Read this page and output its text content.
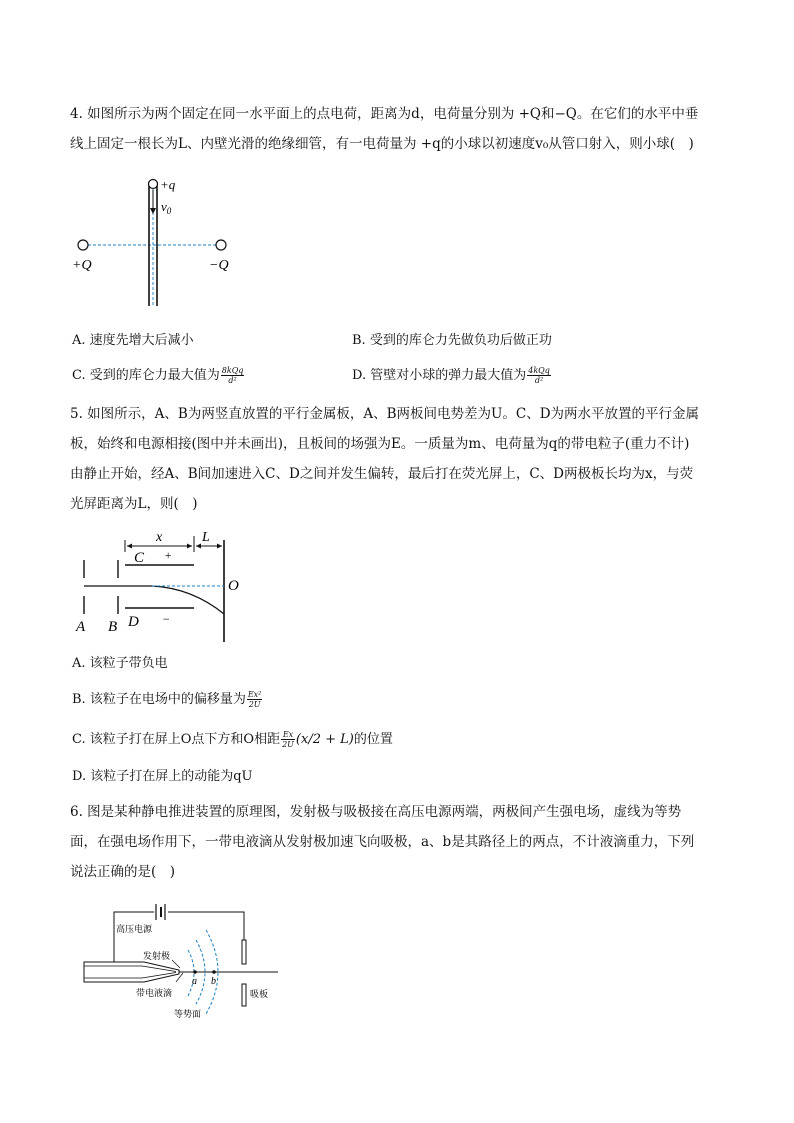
4. 如图所示为两个固定在同一水平面上的点电荷，距离为d，电荷量分别为 +Q和−Q。在它们的水平中垂
线上固定一根长为L、内壁光滑的绝缘细管，有一电荷量为 +q的小球以初速度v₀从管口射入，则小球(　)
+q
$v_0$
+Q	−Q
A. 速度先增大后减小	B. 受到的库仑力先做负功后做正功
C. 受到的库仑力最大值为 $\frac{\text{8kQq}}{\text{d²}}$	D. 管壁对小球的弹力最大值为 $\frac{\text{4kQq}}{\text{d²}}$
5. 如图所示，A、B为两竖直放置的平行金属板，A、B两板间电势差为U。C、D为两水平放置的平行金属
板，始终和电源相接(图中并未画出)，且板间的场强为E。一质量为m、电荷量为q的带电粒子(重力不计)
由静止开始，经A、B间加速进入C、D之间并发生偏转，最后打在荧光屏上，C、D两极板长均为x，与荧
光屏距离为L，则(　)
x	L
C +
D −
O
A B
A. 该粒子带负电
B. 该粒子在电场中的偏移量为 $\frac{\text{Ex²}}{2U}$
C. 该粒子打在屏上O点下方和O相距 $\frac{Ex}{2U} (x/2 + L)$的位置
D. 该粒子打在屏上的动能为qU
6. 图是某种静电推进装置的原理图，发射极与吸极接在高压电源两端，两极间产生强电场，虚线为等势
面，在强电场作用下，一带电液滴从发射极加速飞向吸极，a、b是其路径上的两点，不计液滴重力，下列
说法正确的是(　)
高压电源
a b
发射极
带电液滴
等势面
吸板
